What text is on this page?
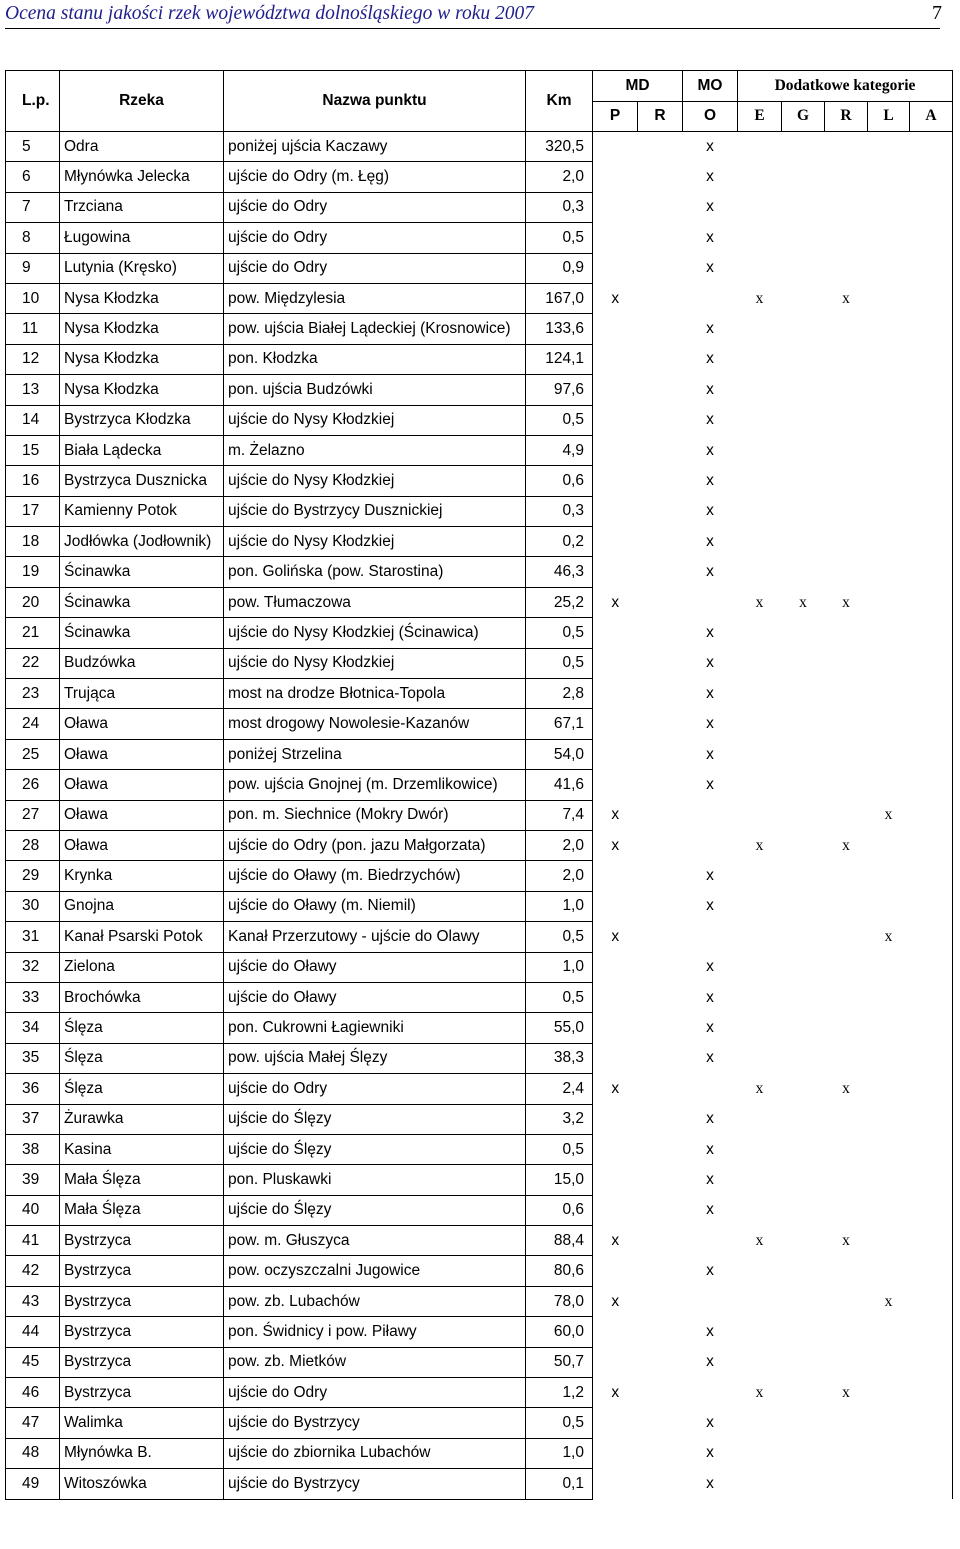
Ocena stanu jakości rzek województwa dolnośląskiego w roku 2007	7
L.p.	Rzeka	Nazwa punktu	Km	MD		MO	Dodatkowe kategorie				
				P	R	O	E	G	R	L	A
5	Odra	poniżej ujścia Kaczawy	320,5			x					
6	Młynówka Jelecka	ujście do Odry (m. Łęg)	2,0			x					
7	Trzciana	ujście do Odry	0,3			x					
8	Ługowina	ujście do Odry	0,5			x					
9	Lutynia (Kręsko)	ujście do Odry	0,9			x					
10	Nysa Kłodzka	pow. Międzylesia	167,0	x			x		x		
11	Nysa Kłodzka	pow. ujścia Białej Lądeckiej (Krosnowice)	133,6			x					
12	Nysa Kłodzka	pon. Kłodzka	124,1			x					
13	Nysa Kłodzka	pon. ujścia Budzówki	97,6			x					
14	Bystrzyca Kłodzka	ujście do Nysy Kłodzkiej	0,5			x					
15	Biała Lądecka	m. Żelazno	4,9			x					
16	Bystrzyca Dusznicka	ujście do Nysy Kłodzkiej	0,6			x					
17	Kamienny Potok	ujście do Bystrzycy Dusznickiej	0,3			x					
18	Jodłówka (Jodłownik)	ujście do Nysy Kłodzkiej	0,2			x					
19	Ścinawka	pon. Golińska (pow. Starostina)	46,3			x					
20	Ścinawka	pow. Tłumaczowa	25,2	x			x	x	x		
21	Ścinawka	ujście do Nysy Kłodzkiej (Ścinawica)	0,5			x					
22	Budzówka	ujście do Nysy Kłodzkiej	0,5			x					
23	Trująca	most na drodze Błotnica-Topola	2,8			x					
24	Oława	most drogowy Nowolesie-Kazanów	67,1			x					
25	Oława	poniżej Strzelina	54,0			x					
26	Oława	pow. ujścia Gnojnej (m. Drzemlikowice)	41,6			x					
27	Oława	pon. m. Siechnice (Mokry Dwór)	7,4	x						x	
28	Oława	ujście do Odry (pon. jazu Małgorzata)	2,0	x			x		x		
29	Krynka	ujście do Oławy (m. Biedrzychów)	2,0			x					
30	Gnojna	ujście do Oławy (m. Niemil)	1,0			x					
31	Kanał Psarski Potok	Kanał Przerzutowy - ujście do Olawy	0,5	x						x	
32	Zielona	ujście do Oławy	1,0			x					
33	Brochówka	ujście do Oławy	0,5			x					
34	Ślęza	pon. Cukrowni Łagiewniki	55,0			x					
35	Ślęza	pow. ujścia Małej Ślęzy	38,3			x					
36	Ślęza	ujście do Odry	2,4	x			x		x		
37	Żurawka	ujście do Ślęzy	3,2			x					
38	Kasina	ujście do Ślęzy	0,5			x					
39	Mała Ślęza	pon. Pluskawki	15,0			x					
40	Mała Ślęza	ujście do Ślęzy	0,6			x					
41	Bystrzyca	pow. m. Głuszyca	88,4	x			x		x		
42	Bystrzyca	pow. oczyszczalni Jugowice	80,6			x					
43	Bystrzyca	pow. zb. Lubachów	78,0	x						x	
44	Bystrzyca	pon. Świdnicy i pow. Piławy	60,0			x					
45	Bystrzyca	pow. zb. Mietków	50,7			x					
46	Bystrzyca	ujście do Odry	1,2	x			x		x		
47	Walimka	ujście do Bystrzycy	0,5			x					
48	Młynówka B.	ujście do zbiornika Lubachów	1,0			x					
49	Witoszówka	ujście do Bystrzycy	0,1			x					
